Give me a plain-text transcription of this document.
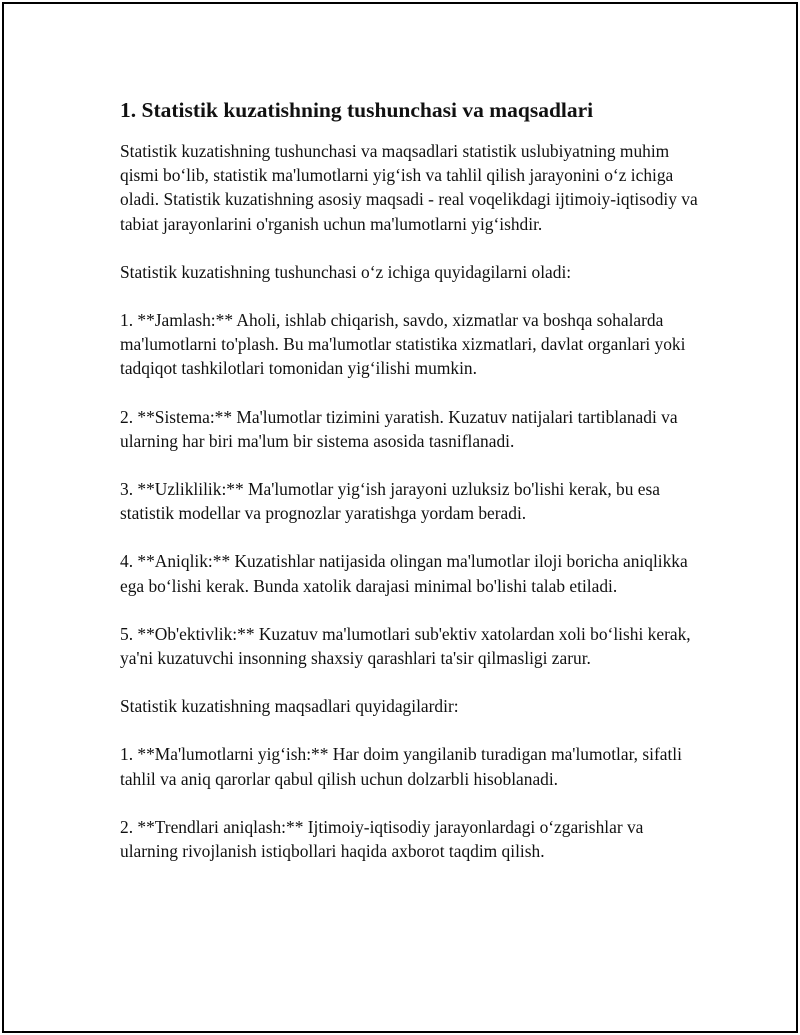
1. Statistik kuzatishning tushunchasi va maqsadlari

Statistik kuzatishning tushunchasi va maqsadlari statistik uslubiyatning muhim qismi boʻlib, statistik ma'lumotlarni yigʻish va tahlil qilish jarayonini oʻz ichiga oladi. Statistik kuzatishning asosiy maqsadi - real voqelikdagi ijtimoiy-iqtisodiy va tabiat jarayonlarini o'rganish uchun ma'lumotlarni yigʻishdir.

Statistik kuzatishning tushunchasi oʻz ichiga quyidagilarni oladi:

1. **Jamlash:** Aholi, ishlab chiqarish, savdo, xizmatlar va boshqa sohalarda ma'lumotlarni to'plash. Bu ma'lumotlar statistika xizmatlari, davlat organlari yoki tadqiqot tashkilotlari tomonidan yigʻilishi mumkin.

2. **Sistema:** Ma'lumotlar tizimini yaratish. Kuzatuv natijalari tartiblanadi va ularning har biri ma'lum bir sistema asosida tasniflanadi.

3. **Uzliklilik:** Ma'lumotlar yigʻish jarayoni uzluksiz bo'lishi kerak, bu esa statistik modellar va prognozlar yaratishga yordam beradi.

4. **Aniqlik:** Kuzatishlar natijasida olingan ma'lumotlar iloji boricha aniqlikka ega boʻlishi kerak. Bunda xatolik darajasi minimal bo'lishi talab etiladi.

5. **Ob'ektivlik:** Kuzatuv ma'lumotlari sub'ektiv xatolardan xoli boʻlishi kerak, ya'ni kuzatuvchi insonning shaxsiy qarashlari ta'sir qilmasligi zarur.

Statistik kuzatishning maqsadlari quyidagilardir:

1. **Ma'lumotlarni yigʻish:** Har doim yangilanib turadigan ma'lumotlar, sifatli tahlil va aniq qarorlar qabul qilish uchun dolzarbli hisoblanadi.

2. **Trendlari aniqlash:** Ijtimoiy-iqtisodiy jarayonlardagi oʻzgarishlar va ularning rivojlanish istiqbollari haqida axborot taqdim qilish.
